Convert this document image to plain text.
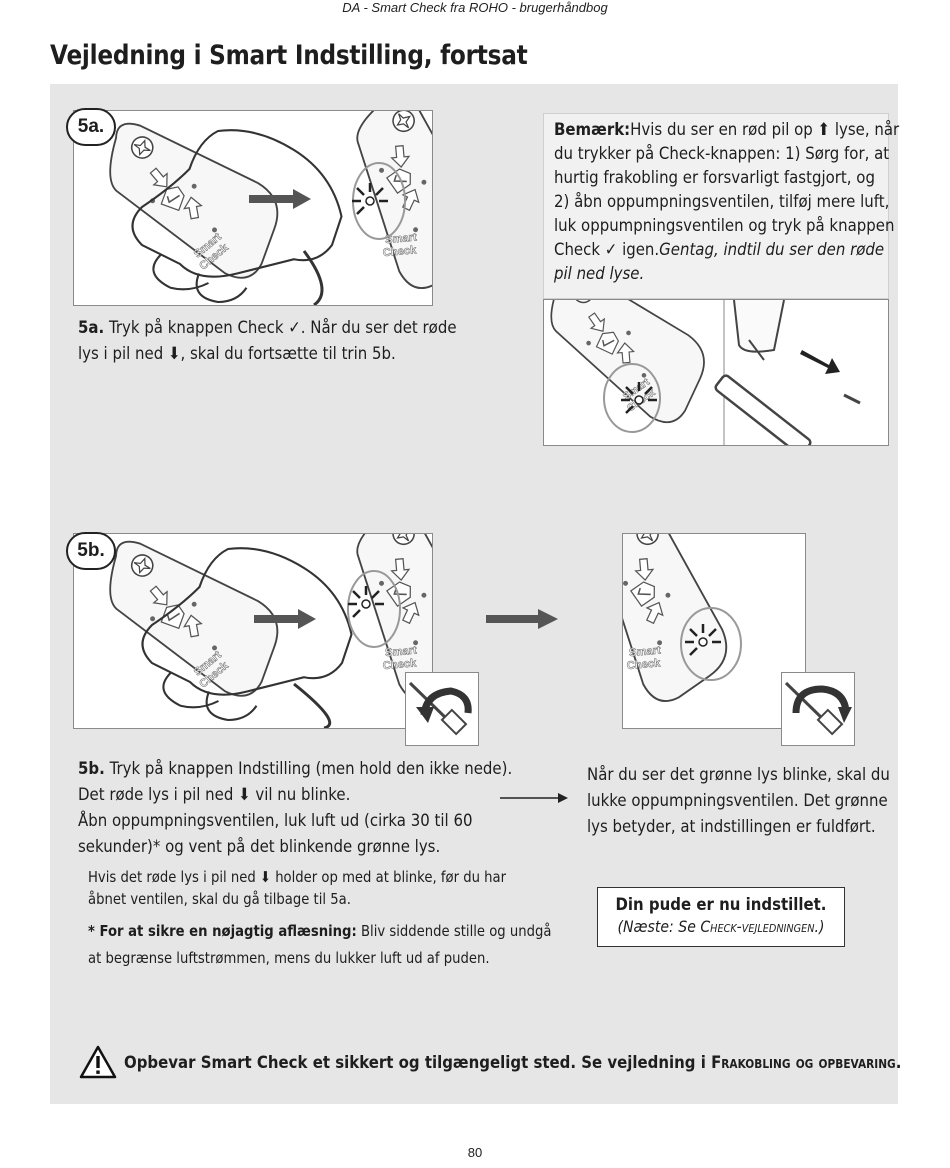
DA - Smart Check fra ROHO - brugerhåndbog
Vejledning i Smart Indstilling, fortsat
5a.
5a. Tryk på knappen Check ✓. Når du ser det røde
lys i pil ned ⬇, skal du fortsætte til trin 5b.
Bemærk:Hvis du ser en rød pil op ⬆ lyse, når
du trykker på Check-knappen: 1) Sørg for, at
hurtig frakobling er forsvarligt fastgjort, og
2) åbn oppumpningsventilen, tilføj mere luft,
luk oppumpningsventilen og tryk på knappen
Check ✓ igen.Gentag, indtil du ser den røde
pil ned lyse.
5b.
5b. Tryk på knappen Indstilling (men hold den ikke nede).
Det røde lys i pil ned ⬇ vil nu blinke.
Åbn oppumpningsventilen, luk luft ud (cirka 30 til 60
sekunder)* og vent på det blinkende grønne lys.
Når du ser det grønne lys blinke, skal du
lukke oppumpningsventilen. Det grønne
lys betyder, at indstillingen er fuldført.
Hvis det røde lys i pil ned ⬇ holder op med at blinke, før du har
åbnet ventilen, skal du gå tilbage til 5a.
* For at sikre en nøjagtig aflæsning: Bliv siddende stille og undgå
at begrænse luftstrømmen, mens du lukker luft ud af puden.
Din pude er nu indstillet.
(Næste: Se Check-vejledningen.)
Opbevar Smart Check et sikkert og tilgængeligt sted. Se vejledning i Frakobling og opbevaring.
80
